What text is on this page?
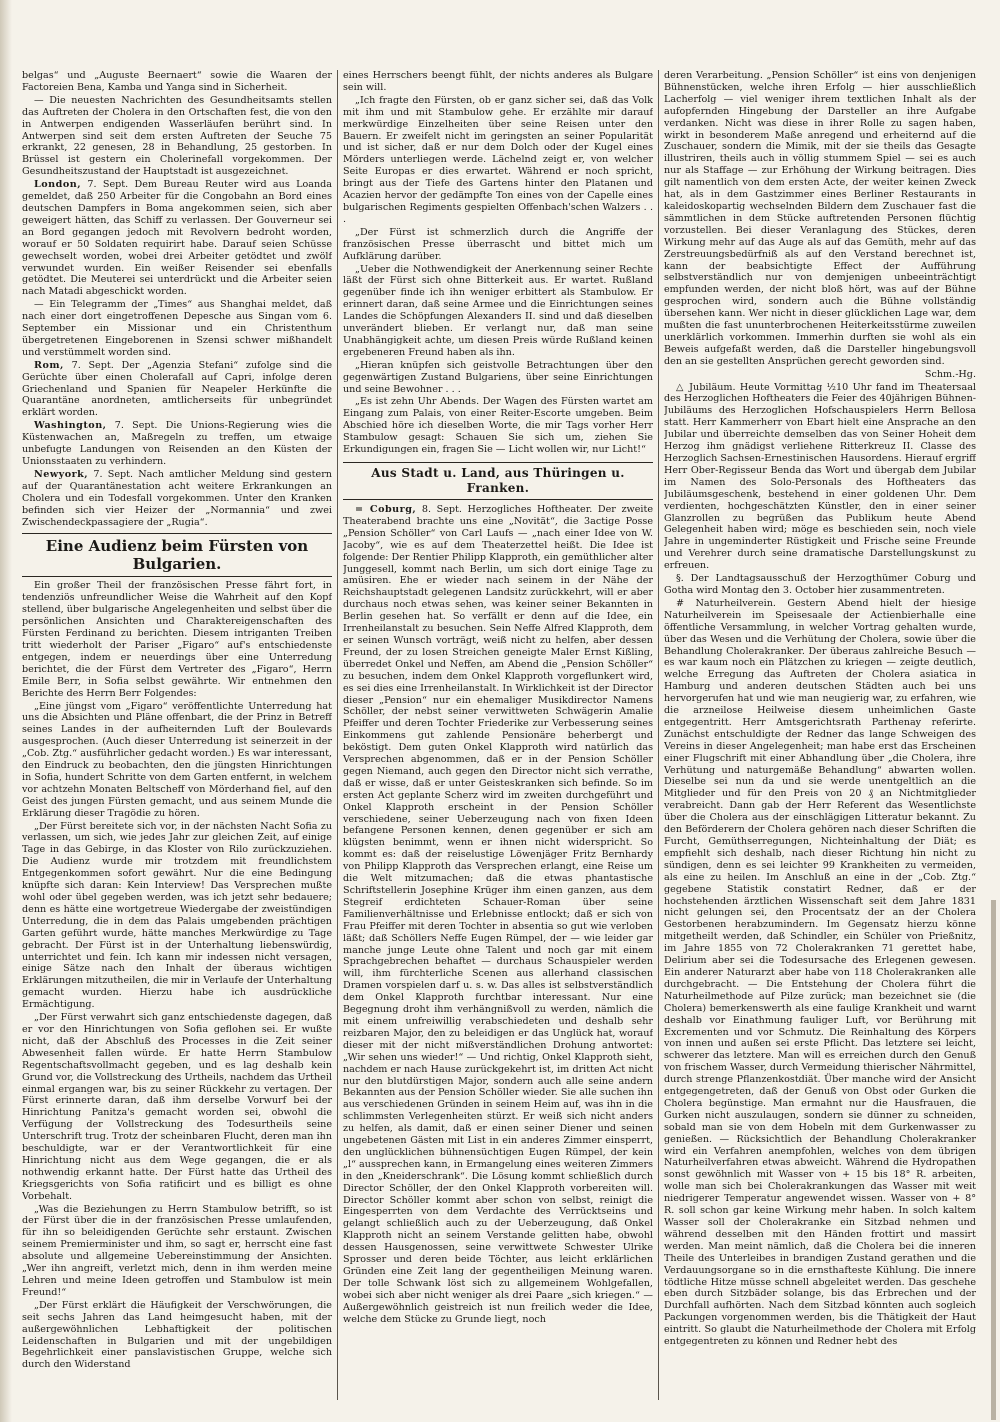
belgas“ und „Auguste Beernaert“ sowie die Waaren der Factoreien Bena, Kamba und Yanga sind in Sicherheit.

— Die neuesten Nachrichten des Gesundheitsamts stellen das Auftreten der Cholera in den Ortschaften fest, die von den in Antwerpen endigenden Wasserläufen berührt sind. In Antwerpen sind seit dem ersten Auftreten der Seuche 75 erkrankt, 22 genesen, 28 in Behandlung, 25 gestorben. In Brüssel ist gestern ein Cholerinefall vorgekommen. Der Gesundheitszustand der Hauptstadt ist ausgezeichnet.

London, 7. Sept. Dem Bureau Reuter wird aus Loanda gemeldet, daß 250 Arbeiter für die Congobahn an Bord eines deutschen Dampfers in Boma angekommen seien, sich aber geweigert hätten, das Schiff zu verlassen. Der Gouverneur sei an Bord gegangen jedoch mit Revolvern bedroht worden, worauf er 50 Soldaten requirirt habe. Darauf seien Schüsse gewechselt worden, wobei drei Arbeiter getödtet und zwölf verwundet wurden. Ein weißer Reisender sei ebenfalls getödtet. Die Meuterei sei unterdrückt und die Arbeiter seien nach Matadi abgeschickt worden.

— Ein Telegramm der „Times“ aus Shanghai meldet, daß nach einer dort eingetroffenen Depesche aus Singan vom 6. September ein Missionar und ein Christenthum übergetretenen Eingeborenen in Szensi schwer mißhandelt und verstümmelt worden sind.

Rom, 7. Sept. Der „Agenzia Stefani“ zufolge sind die Gerüchte über einen Cholerafall auf Capri, infolge deren Griechenland und Spanien für Neapeler Herkünfte die Quarantäne anordneten, amtlicherseits für unbegründet erklärt worden.

Washington, 7. Sept. Die Unions-Regierung wies die Küstenwachen an, Maßregeln zu treffen, um etwaige unbefugte Landungen von Reisenden an den Küsten der Unionsstaaten zu verhindern.

Newyork, 7. Sept. Nach amtlicher Meldung sind gestern auf der Quarantänestation acht weitere Erkrankungen an Cholera und ein Todesfall vorgekommen. Unter den Kranken befinden sich vier Heizer der „Normannia“ und zwei Zwischendeckpassagiere der „Rugia“.

Eine Audienz beim Fürsten von Bulgarien.

Ein großer Theil der französischen Presse fährt fort, in tendenziös unfreundlicher Weise die Wahrheit auf den Kopf stellend, über bulgarische Angelegenheiten und selbst über die persönlichen Ansichten und Charaktereigenschaften des Fürsten Ferdinand zu berichten. Diesem intriganten Treiben tritt wiederholt der Pariser „Figaro“ auf's entschiedenste entgegen, indem er neuerdings über eine Unterredung berichtet, die der Fürst dem Vertreter des „Figaro“, Herrn Emile Berr, in Sofia selbst gewährte. Wir entnehmen den Berichte des Herrn Berr Folgendes:

„Eine jüngst vom „Figaro“ veröffentlichte Unterredung hat uns die Absichten und Pläne offenbart, die der Prinz in Betreff seines Landes in der aufheiternden Luft der Boulevards ausgesprochen. (Auch dieser Unterredung ist seinerzeit in der „Cob. Ztg.“ ausführlicher gedacht worden.) Es war interessant, den Eindruck zu beobachten, den die jüngsten Hinrichtungen in Sofia, hundert Schritte von dem Garten entfernt, in welchem vor achtzehn Monaten Beltscheff von Mörderhand fiel, auf den Geist des jungen Fürsten gemacht, und aus seinem Munde die Erklärung dieser Tragödie zu hören.

„Der Fürst bereitete sich vor, in der nächsten Nacht Sofia zu verlassen, um sich, wie jedes Jahr zur gleichen Zeit, auf einige Tage in das Gebirge, in das Kloster von Rilo zurückzuziehen. Die Audienz wurde mir trotzdem mit freundlichstem Entgegenkommen sofort gewährt. Nur die eine Bedingung knüpfte sich daran: Kein Interview! Das Versprechen mußte wohl oder übel gegeben werden, was ich jetzt sehr bedauere; denn es hätte eine wortgetreue Wiedergabe der zweistündigen Unterredung, die in dem das Palais umgebenden prächtigen Garten geführt wurde, hätte manches Merkwürdige zu Tage gebracht. Der Fürst ist in der Unterhaltung liebenswürdig, unterrichtet und fein. Ich kann mir indessen nicht versagen, einige Sätze nach den Inhalt der überaus wichtigen Erklärungen mitzutheilen, die mir in Verlaufe der Unterhaltung gemacht wurden. Hierzu habe ich ausdrückliche Ermächtigung.

„Der Fürst verwahrt sich ganz entschiedenste dagegen, daß er vor den Hinrichtungen von Sofia geflohen sei. Er wußte nicht, daß der Abschluß des Processes in die Zeit seiner Abwesenheit fallen würde. Er hatte Herrn Stambulow Regentschaftsvollmacht gegeben, und es lag deshalb kein Grund vor, die Vollstreckung des Urtheils, nachdem das Urtheil einmal ergangen war, bis zu seiner Rückkehr zu vertagen. Der Fürst erinnerte daran, daß ihm derselbe Vorwurf bei der Hinrichtung Panitza's gemacht worden sei, obwohl die Verfügung der Vollstreckung des Todesurtheils seine Unterschrift trug. Trotz der scheinbaren Flucht, deren man ihn beschuldigte, war er der Verantwortlichkeit für eine Hinrichtung nicht aus dem Wege gegangen, die er als nothwendig erkannt hatte. Der Fürst hatte das Urtheil des Kriegsgerichts von Sofia ratificirt und es billigt es ohne Vorbehalt.

„Was die Beziehungen zu Herrn Stambulow betrifft, so ist der Fürst über die in der französischen Presse umlaufenden, für ihn so beleidigenden Gerüchte sehr erstaunt. Zwischen seinem Premierminister und ihm, so sagt er, herrscht eine fast absolute und allgemeine Uebereinstimmung der Ansichten. „Wer ihn angreift, verletzt mich, denn in ihm werden meine Lehren und meine Ideen getroffen und Stambulow ist mein Freund!“

„Der Fürst erklärt die Häufigkeit der Verschwörungen, die seit sechs Jahren das Land heimgesucht haben, mit der außergewöhnlichen Lebhaftigkeit der politischen Leidenschaften in Bulgarien und mit der ungebildigen Begehrlichkeit einer panslavistischen Gruppe, welche sich durch den Widerstand

eines Herrschers beengt fühlt, der nichts anderes als Bulgare sein will.

„Ich fragte den Fürsten, ob er ganz sicher sei, daß das Volk mit ihm und mit Stambulow gehe. Er erzählte mir darauf merkwürdige Einzelheiten über seine Reisen unter den Bauern. Er zweifelt nicht im geringsten an seiner Popularität und ist sicher, daß er nur dem Dolch oder der Kugel eines Mörders unterliegen werde. Lächelnd zeigt er, von welcher Seite Europas er dies erwartet. Während er noch spricht, bringt aus der Tiefe des Gartens hinter den Platanen und Acazien hervor der gedämpfte Ton eines von der Capelle eines bulgarischen Regiments gespielten Offenbach'schen Walzers . . .

„Der Fürst ist schmerzlich durch die Angriffe der französischen Presse überrascht und bittet mich um Aufklärung darüber.

„Ueber die Nothwendigkeit der Anerkennung seiner Rechte läßt der Fürst sich ohne Bitterkeit aus. Er wartet. Rußland gegenüber finde ich ihn weniger erbittert als Stambulow. Er erinnert daran, daß seine Armee und die Einrichtungen seines Landes die Schöpfungen Alexanders II. sind und daß dieselben unverändert blieben. Er verlangt nur, daß man seine Unabhängigkeit achte, um diesen Preis würde Rußland keinen ergebeneren Freund haben als ihn.

„Hieran knüpfen sich geistvolle Betrachtungen über den gegenwärtigen Zustand Bulgariens, über seine Einrichtungen und seine Bewohner . . .

„Es ist zehn Uhr Abends. Der Wagen des Fürsten wartet am Eingang zum Palais, von einer Reiter-Escorte umgeben. Beim Abschied höre ich dieselben Worte, die mir Tags vorher Herr Stambulow gesagt: Schauen Sie sich um, ziehen Sie Erkundigungen ein, fragen Sie — Licht wollen wir, nur Licht!“

Aus Stadt u. Land, aus Thüringen u. Franken.

= Coburg, 8. Sept. Herzogliches Hoftheater. Der zweite Theaterabend brachte uns eine „Novität“, die 3actige Posse „Pension Schöller“ von Carl Laufs — „nach einer Idee von W. Jacoby“, wie es auf dem Theaterzettel heißt. Die Idee ist folgende: Der Rentier Philipp Klapproth, ein gemüthlicher alter Junggesell, kommt nach Berlin, um sich dort einige Tage zu amüsiren. Ehe er wieder nach seinem in der Nähe der Reichshauptstadt gelegenen Landsitz zurückkehrt, will er aber durchaus noch etwas sehen, was keiner seiner Bekannten in Berlin gesehen hat. So verfällt er denn auf die Idee, ein Irrenheilanstalt zu besuchen. Sein Neffe Alfred Klapproth, dem er seinen Wunsch vorträgt, weiß nicht zu helfen, aber dessen Freund, der zu losen Streichen geneigte Maler Ernst Kißling, überredet Onkel und Neffen, am Abend die „Pension Schöller“ zu besuchen, indem dem Onkel Klapproth vorgeflunkert wird, es sei dies eine Irrenheilanstalt. In Wirklichkeit ist der Director dieser „Pension“ nur ein ehemaliger Musikdirector Namens Schöller, der nebst seiner verwittweten Schwägerin Amalie Pfeiffer und deren Tochter Friederike zur Verbesserung seines Einkommens gut zahlende Pensionäre beherbergt und beköstigt. Dem guten Onkel Klapproth wird natürlich das Versprechen abgenommen, daß er in der Pension Schöller gegen Niemand, auch gegen den Director nicht sich verrathe, daß er wisse, daß er unter Geisteskranken sich befinde. So im ersten Act geplante Scherz wird im zweiten durchgeführt und Onkel Klapproth erscheint in der Pension Schöller verschiedene, seiner Ueberzeugung nach von fixen Ideen befangene Personen kennen, denen gegenüber er sich am klügsten benimmt, wenn er ihnen nicht widerspricht. So kommt es: daß der reiselustige Löwenjäger Fritz Bernhardy von Philipp Klapproth das Versprechen erlangt, eine Reise um die Welt mitzumachen; daß die etwas phantastische Schriftstellerin Josephine Krüger ihm einen ganzen, aus dem Stegreif erdichteten Schauer-Roman über seine Familienverhältnisse und Erlebnisse entlockt; daß er sich von Frau Pfeiffer mit deren Tochter in absentia so gut wie verloben läßt; daß Schöllers Neffe Eugen Rümpel, der — wie leider gar manche junge Leute ohne Talent und noch gar mit einem Sprachgebrechen behaftet — durchaus Schauspieler werden will, ihm fürchterliche Scenen aus allerhand classischen Dramen vorspielen darf u. s. w. Das alles ist selbstverständlich dem Onkel Klapproth furchtbar interessant. Nur eine Begegnung droht ihm verhängnißvoll zu werden, nämlich die mit einem unfreiwillig verabschiedeten und deshalb sehr reizbaren Major, den zu beleidigen er das Unglück hat, worauf dieser mit der nicht mißverständlichen Drohung antwortet: „Wir sehen uns wieder!“ — Und richtig, Onkel Klapproth sieht, nachdem er nach Hause zurückgekehrt ist, im dritten Act nicht nur den blutdürstigen Major, sondern auch alle seine andern Bekannten aus der Pension Schöller wieder. Sie alle suchen ihn aus verschiedenen Gründen in seinem Heim auf, was ihn in die schlimmsten Verlegenheiten stürzt. Er weiß sich nicht anders zu helfen, als damit, daß er einen seiner Diener und seinen ungebetenen Gästen mit List in ein anderes Zimmer einsperrt, den unglücklichen bühnensüchtigen Eugen Rümpel, der kein „l“ aussprechen kann, in Ermangelung eines weiteren Zimmers in den „Kneiderschrank“. Die Lösung kommt schließlich durch Director Schöller, der den Onkel Klapproth vorbereiten will. Director Schöller kommt aber schon von selbst, reinigt die Eingesperrten von dem Verdachte des Verrücktseins und gelangt schließlich auch zu der Ueberzeugung, daß Onkel Klapproth nicht an seinem Verstande gelitten habe, obwohl dessen Hausgenossen, seine verwittwete Schwester Ulrike Sprosser und deren beide Töchter, aus leicht erklärlichen Gründen eine Zeit lang der gegentheiligen Meinung waren. Der tolle Schwank löst sich zu allgemeinem Wohlgefallen, wobei sich aber nicht weniger als drei Paare „sich kriegen.“ — Außergewöhnlich geistreich ist nun freilich weder die Idee, welche dem Stücke zu Grunde liegt, noch

deren Verarbeitung. „Pension Schöller“ ist eins von denjenigen Bühnenstücken, welche ihren Erfolg — hier ausschließlich Lacherfolg — viel weniger ihrem textlichen Inhalt als der aufopfernden Hingebung der Darsteller an ihre Aufgabe verdanken. Nicht was diese in ihrer Rolle zu sagen haben, wirkt in besonderem Maße anregend und erheiternd auf die Zuschauer, sondern die Mimik, mit der sie theils das Gesagte illustriren, theils auch in völlig stummem Spiel — sei es auch nur als Staffage — zur Erhöhung der Wirkung beitragen. Dies gilt namentlich von dem ersten Acte, der weiter keinen Zweck hat, als in dem Gastzimmer eines Berliner Restaurants in kaleidoskopartig wechselnden Bildern dem Zuschauer fast die sämmtlichen in dem Stücke auftretenden Personen flüchtig vorzustellen. Bei dieser Veranlagung des Stückes, deren Wirkung mehr auf das Auge als auf das Gemüth, mehr auf das Zerstreuungsbedürfniß als auf den Verstand berechnet ist, kann der beabsichtigte Effect der Aufführung selbstverständlich nur von demjenigen unbeeinträchtigt empfunden werden, der nicht bloß hört, was auf der Bühne gesprochen wird, sondern auch die Bühne vollständig übersehen kann. Wer nicht in dieser glücklichen Lage war, dem mußten die fast ununterbrochenen Heiterkeitsstürme zuweilen unerklärlich vorkommen. Immerhin durften sie wohl als ein Beweis aufgefaßt werden, daß die Darsteller hingebungsvoll den an sie gestellten Ansprüchen gerecht geworden sind.

Schm.-Hg.

△ Jubiläum. Heute Vormittag ½10 Uhr fand im Theatersaal des Herzoglichen Hoftheaters die Feier des 40jährigen Bühnen-Jubiläums des Herzoglichen Hofschauspielers Herrn Bellosa statt. Herr Kammerherr von Ebart hielt eine Ansprache an den Jubilar und überreichte demselben das von Seiner Hoheit dem Herzog ihm gnädigst verliehene Ritterkreuz II. Classe des Herzoglich Sachsen-Ernestinischen Hausordens. Hierauf ergriff Herr Ober-Regisseur Benda das Wort und übergab dem Jubilar im Namen des Solo-Personals des Hoftheaters das Jubiläumsgeschenk, bestehend in einer goldenen Uhr. Dem verdienten, hochgeschätzten Künstler, den in einer seiner Glanzrollen zu begrüßen das Publikum heute Abend Gelegenheit haben wird; möge es beschieden sein, noch viele Jahre in ungeminderter Rüstigkeit und Frische seine Freunde und Verehrer durch seine dramatische Darstellungskunst zu erfreuen.

§. Der Landtagsausschuß der Herzogthümer Coburg und Gotha wird Montag den 3. October hier zusammentreten.

# Naturheilverein. Gestern Abend hielt der hiesige Naturheilverein im Speisesaale der Actienbierhalle eine öffentliche Versammlung, in welcher Vortrag gehalten wurde, über das Wesen und die Verhütung der Cholera, sowie über die Behandlung Cholerakranker. Der überaus zahlreiche Besuch — es war kaum noch ein Plätzchen zu kriegen — zeigte deutlich, welche Erregung das Auftreten der Cholera asiatica in Hamburg und anderen deutschen Städten auch bei uns hervorgerufen hat und wie man neugierig war, zu erfahren, wie die arzneilose Heilweise diesem unheimlichen Gaste entgegentritt. Herr Amtsgerichtsrath Parthenay referirte. Zunächst entschuldigte der Redner das lange Schweigen des Vereins in dieser Angelegenheit; man habe erst das Erscheinen einer Flugschrift mit einer Abhandlung über „die Cholera, ihre Verhütung und naturgemäße Behandlung“ abwarten wollen. Dieselbe sei nun da und sie werde unentgeltlich an die Mitglieder und für den Preis von 20 ₰ an Nichtmitglieder verabreicht. Dann gab der Herr Referent das Wesentlichste über die Cholera aus der einschlägigen Litteratur bekannt. Zu den Beförderern der Cholera gehören nach dieser Schriften die Furcht, Gemüthserregungen, Nichteinhaltung der Diät; es empfiehlt sich deshalb, nach dieser Richtung hin nicht zu sündigen, denn es sei leichter 99 Krankheiten zu vermeiden, als eine zu heilen. Im Anschluß an eine in der „Cob. Ztg.“ gegebene Statistik constatirt Redner, daß er der hochstehenden ärztlichen Wissenschaft seit dem Jahre 1831 nicht gelungen sei, den Procentsatz der an der Cholera Gestorbenen herabzumindern. Im Gegensatz hierzu könne mitgetheilt werden, daß Schindler, ein Schüler von Prießnitz, im Jahre 1855 von 72 Cholerakranken 71 gerettet habe, Delirium aber sei die Todesursache des Erlegenen gewesen. Ein anderer Naturarzt aber habe von 118 Cholerakranken alle durchgebracht. — Die Entstehung der Cholera führt die Naturheilmethode auf Pilze zurück; man bezeichnet sie (die Cholera) bemerkenswerth als eine faulige Krankheit und warnt deshalb vor Einathmung fauliger Luft, vor Berührung mit Excrementen und vor Schmutz. Die Reinhaltung des Körpers von innen und außen sei erste Pflicht. Das letztere sei leicht, schwerer das letztere. Man will es erreichen durch den Genuß von frischem Wasser, durch Vermeidung thierischer Nährmittel, durch strenge Pflanzenkostdiät. Über manche wird der Ansicht entgegengetreten, daß der Genuß von Obst oder Gurken die Cholera begünstige. Man ermahnt nur die Hausfrauen, die Gurken nicht auszulaugen, sondern sie dünner zu schneiden, sobald man sie von dem Hobeln mit dem Gurkenwasser zu genießen. — Rücksichtlich der Behandlung Cholerakranker wird ein Verfahren anempfohlen, welches von dem übrigen Naturheilverfahren etwas abweicht. Während die Hydropathen sonst gewöhnlich mit Wasser von + 15 bis 18° R. arbeiten, wolle man sich bei Cholerakrankungen das Wasser mit weit niedrigerer Temperatur angewendet wissen. Wasser von + 8° R. soll schon gar keine Wirkung mehr haben. In solch kaltem Wasser soll der Cholerakranke ein Sitzbad nehmen und während desselben mit den Händen frottirt und massirt werden. Man meint nämlich, daß die Cholera bei die inneren Theile des Unterleibes in brandigen Zustand gerathen und die Verdauungsorgane so in die ernsthafteste Kühlung. Die innere tödtliche Hitze müsse schnell abgeleitet werden. Das geschehe eben durch Sitzbäder solange, bis das Erbrechen und der Durchfall aufhörten. Nach dem Sitzbad könnten auch sogleich Packungen vorgenommen werden, bis die Thätigkeit der Haut eintritt. So glaubt die Naturheilmethode der Cholera mit Erfolg entgegentreten zu können und Redner hebt des
